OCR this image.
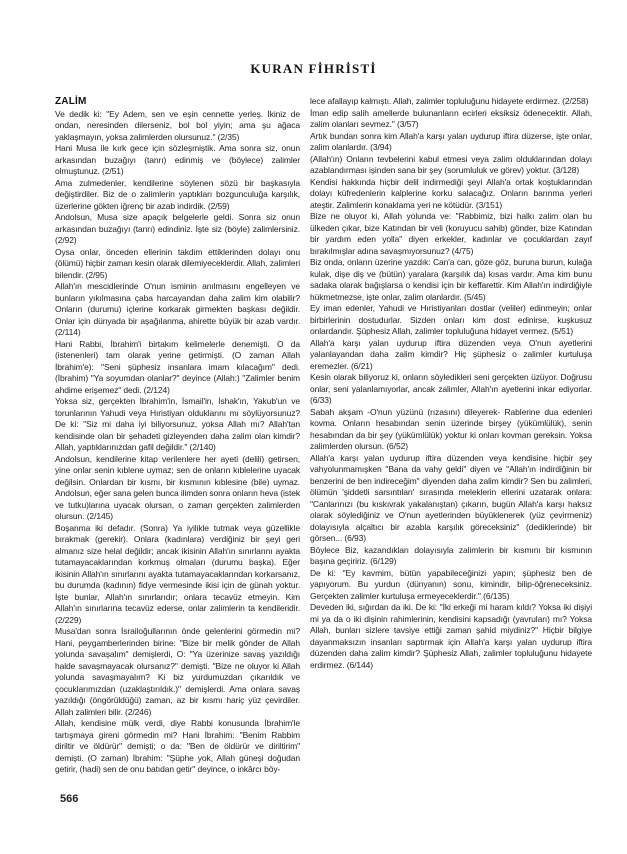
KURAN FİHRİSTİ
ZALİM

Ve dedik ki: "Ey Adem, sen ve eşin cennette yerleş. İkiniz de ondan, neresinden dilerseniz, bol bol yiyin; ama şu ağaca yaklaşmayın, yoksa zalimlerden olursunuz." (2/35)

Hani Musa ile kırk gece için sözleşmiştik. Ama sonra siz, onun arkasından buzağıyı (tanrı) edinmiş ve (böylece) zalimler olmuştunuz. (2/51)

Ama zulmedenler, kendilerine söylenen sözü bir başkasıyla değiştirdiler. Biz de o zalimlerin yaptıkları bozgunculuğa karşılık, üzerlerine gökten iğrenç bir azab indirdik. (2/59)

Andolsun, Musa size apaçık belgelerle geldi. Sonra siz onun arkasından buzağıyı (tanrı) edindiniz. İşte siz (böyle) zalimlersiniz. (2/92)

Oysa onlar, önceden ellerinin takdim ettiklerinden dolayı onu (ölümü) hiçbir zaman kesin olarak dilemiyeceklerdir. Allah, zalimleri bilendir. (2/95)

Allah'ın mescidlerinde O'nun isminin anılmasını engelleyen ve bunların yıkılmasına çaba harcayandan daha zalim kim olabilir? Onların (durumu) içlerine korkarak girmekten başkası değildir. Onlar için dünyada bir aşağılanma, ahirette büyük bir azab vardır. (2/114)

Hani Rabbi, İbrahim'i birtakım kelimelerle denemişti. O da (istenenleri) tam olarak yerine getirmişti. (O zaman Allah İbrahim'e): "Seni şüphesiz insanlara imam kılacağım" dedi. (İbrahim) "Ya soyumdan olanlar?" deyince (Allah:) "Zalimler benim ahdime erişemez" dedi. (2/124)

Yoksa siz, gerçekten İbrahim'in, İsmail'in, İshak'ın, Yakub'un ve torunlarının Yahudi veya Hıristiyan olduklarını mı söylüyorsunuz? De ki: "Siz mi daha iyi biliyorsunuz, yoksa Allah mı? Allah'tan kendisinde olan bir şehadeti gizleyenden daha zalim olan kimdir? Allah, yaptıklarınızdan gafil değildir." (2/140)

Andolsun, kendilerine kitap verilenlere her ayeti (delili) getirsen, yine onlar senin kıblene uymaz; sen de onların kıblelerine uyacak değilsin. Onlardan bir kısmı, bir kısmının kıblesine (bile) uymaz. Andolsun, eğer sana gelen bunca ilimden sonra onların heva (istek ve tutku)larına uyacak olursan, o zaman gerçekten zalimlerden olursun. (2/145)

Boşanma iki defadır. (Sonra) Ya iyilikle tutmak veya güzellikle bırakmak (gerekir). Onlara (kadınlara) verdiğiniz bir şeyi geri almanız size helal değildir; ancak ikisinin Allah'ın sınırlarını ayakta tutamayacaklarından korkmuş olmaları (durumu başka). Eğer ikisinin Allah'ın sınırlarını ayakta tutamayacaklarından korkarsanız, bu durumda (kadının) fidye vermesinde ikisi için de günah yoktur. İşte bunlar, Allah'ın sınırlarıdır; onlara tecavüz etmeyin. Kim Allah'ın sınırlarına tecavüz ederse, onlar zalimlerin ta kendileridir. (2/229)

Musa'dan sonra İsrailoğullarının önde gelenlerini görmedin mi? Hani, peygamberlerinden birine: "Bize bir melik gönder de Allah yolunda savaşalım" demişlerdi, O: "Ya üzerinize savaş yazıldığı halde savaşmayacak olursanız?" demişti. "Bize ne oluyor ki Allah yolunda savaşmayalım? Ki biz yurdumuzdan çıkarıldık ve çocuklarımızdan (uzaklaştırıldık.)" demişlerdi. Ama onlara savaş yazıldığı (öngörüldüğü) zaman, az bir kısmı hariç yüz çevirdiler. Allah zalimleri bilir. (2/246)

Allah, kendisine mülk verdi, diye Rabbi konusunda İbrahim'le tartışmaya gireni görmedin mi? Hani İbrahim: "Benim Rabbim diriltir ve öldürür" demişti; o da: "Ben de öldürür ve diriltirim" demişti. (O zaman) İbrahim: "Şüphe yok, Allah güneşi doğudan getirir, (hadi) sen de onu batıdan getir" deyince, o inkârcı böy-

lece afallayıp kalmıştı. Allah, zalimler topluluğunu hidayete erdirmez. (2/258)

İman edip salih amellerde bulunanların ecirleri eksiksiz ödenecektir. Allah, zalim olanları sevmez." (3/57)

Artık bundan sonra kim Allah'a karşı yalan uydurup iftira düzerse, işte onlar, zalim olanlardır. (3/94)

(Allah'ın) Onların tevbelerini kabul etmesi veya zalim olduklarından dolayı azablandırması işinden sana bir şey (sorumluluk ve görev) yoktur. (3/128)

Kendisi hakkında hiçbir delil indirmediği şeyi Allah'a ortak koştuklarından dolayı küfredenlerin kalplerine korku salacağız. Onların barınma yerleri ateştir. Zalimlerin konaklama yeri ne kötüdür. (3/151)

Bize ne oluyor ki, Allah yolunda ve: "Rabbimiz, bizi halkı zalim olan bu ülkeden çıkar, bize Katından bir veli (koruyucu sahib) gönder, bize Katından bir yardım eden yolla" diyen erkekler, kadınlar ve çocuklardan zayıf bırakılmışlar adına savaşmıyorsunuz? (4/75)

Biz onda, onların üzerine yazdık: Can'a can, göze göz, buruna burun, kulağa kulak, dişe diş ve (bütün) yaralara (karşılık da) kısas vardır. Ama kim bunu sadaka olarak bağışlarsa o kendisi için bir keffarettir. Kim Allah'ın indirdiğiyle hükmetmezse, işte onlar, zalim olanlardır. (5/45)

Ey iman edenler, Yahudi ve Hıristiyanları dostlar (veliler) edinmeyin; onlar birbirlerinin dostudurlar. Sizden onları kim dost edinirse, kuşkusuz onlardandır. Şüphesiz Allah, zalimler topluluğuna hidayet vermez. (5/51)

Allah'a karşı yalan uydurup iftira düzenden veya O'nun ayetlerini yalanlayandan daha zalim kimdir? Hiç şüphesiz o zalimler kurtuluşa eremezler. (6/21)

Kesin olarak biliyoruz ki, onların söyledikleri seni gerçekten üzüyor. Doğrusu onlar, seni yalanlamıyorlar, ancak zalimler, Allah'ın ayetlerini inkar ediyorlar. (6/33)

Sabah akşam -O'nun yüzünü (rızasını) dileyerek- Rablerine dua edenleri kovma. Onların hesabından senin üzerinde birşey (yükümlülük), senin hesabından da bir şey (yükümlülük) yoktur ki onları kovman gereksin. Yoksa zalimlerden olursun. (6/52)

Allah'a karşı yalan uydurup iftira düzenden veya kendisine hiçbir şey vahyolunmamışken "Bana da vahy geldi" diyen ve "Allah'ın indirdiğinin bir benzerini de ben indireceğim" diyenden daha zalim kimdir? Sen bu zalimleri, ölümün 'şiddetli sarsıntıları' sırasında meleklerin ellerini uzatarak onlara: "Canlarınızı (bu kıskıvrak yakalanıştan) çıkarın, bugün Allah'a karşı haksız olarak söylediğiniz ve O'nun ayetlerinden büyüklenerek (yüz çevirmeniz) dolayısıyla alçaltıcı bir azabla karşılık göreceksiniz" (dediklerinde) bir görsen... (6/93)

Böylece Biz, kazandıkları dolayısıyla zalimlerin bir kısmını bir kısmının başına geçiririz. (6/129)

De ki: "Ey kavmim, bütün yapabileceğinizi yapın; şüphesiz ben de yapıyorum. Bu yurdun (dünyanın) sonu, kimindir, bilip-öğreneceksiniz. Gerçekten zalimler kurtuluşa ermeyeceklerdir." (6/135)

Deveden iki, sığırdan da iki. De ki: "İki erkeği mi haram kıldı? Yoksa iki dişiyi mi ya da o iki dişinin rahimlerinin, kendisini kapsadığı (yavruları) mı? Yoksa Allah, bunları sizlere tavsiye ettiği zaman şahid miydiniz?" Hiçbir bilgiye dayanmaksızın insanları saptırmak için Allah'a karşı yalan uydurup iftira düzenden daha zalim kimdir? Şüphesiz Allah, zalimler topluluğunu hidayete erdirmez. (6/144)

566
